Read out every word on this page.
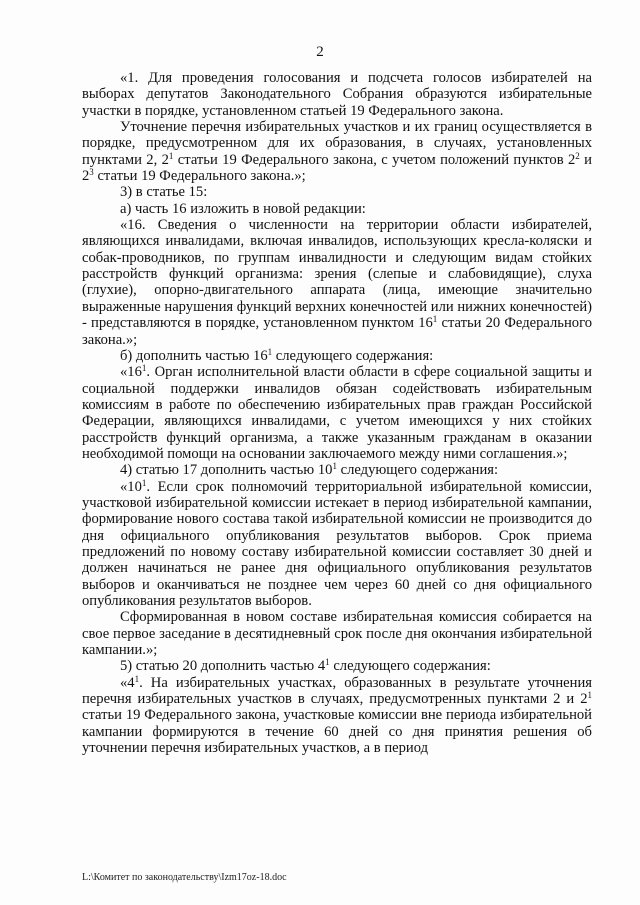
2

«1. Для проведения голосования и подсчета голосов избирателей на выборах депутатов Законодательного Собрания образуются избирательные участки в порядке, установленном статьей 19 Федерального закона.

Уточнение перечня избирательных участков и их границ осуществляется в порядке, предусмотренном для их образования, в случаях, установленных пунктами 2, $2^1$ статьи 19 Федерального закона, с учетом положений пунктов $2^2$ и $2^3$ статьи 19 Федерального закона.»;

3) в статье 15:

а) часть 16 изложить в новой редакции:

«16. Сведения о численности на территории области избирателей, являющихся инвалидами, включая инвалидов, использующих кресла-коляски и собак-проводников, по группам инвалидности и следующим видам стойких расстройств функций организма: зрения (слепые и слабовидящие), слуха (глухие), опорно-двигательного аппарата (лица, имеющие значительно выраженные нарушения функций верхних конечностей или нижних конечностей) - представляются в порядке, установленном пунктом $16^1$ статьи 20 Федерального закона.»;

б) дополнить частью $16^1$ следующего содержания:

«$16^1$. Орган исполнительной власти области в сфере социальной защиты и социальной поддержки инвалидов обязан содействовать избирательным комиссиям в работе по обеспечению избирательных прав граждан Российской Федерации, являющихся инвалидами, с учетом имеющихся у них стойких расстройств функций организма, а также указанным гражданам в оказании необходимой помощи на основании заключаемого между ними соглашения.»;

4) статью 17 дополнить частью $10^1$ следующего содержания:

«$10^1$. Если срок полномочий территориальной избирательной комиссии, участковой избирательной комиссии истекает в период избирательной кампании, формирование нового состава такой избирательной комиссии не производится до дня официального опубликования результатов выборов. Срок приема предложений по новому составу избирательной комиссии составляет 30 дней и должен начинаться не ранее дня официального опубликования результатов выборов и оканчиваться не позднее чем через 60 дней со дня официального опубликования результатов выборов.

Сформированная в новом составе избирательная комиссия собирается на свое первое заседание в десятидневный срок после дня окончания избирательной кампании.»;

5) статью 20 дополнить частью $4^1$ следующего содержания:

«$4^1$. На избирательных участках, образованных в результате уточнения перечня избирательных участков в случаях, предусмотренных пунктами 2 и $2^1$ статьи 19 Федерального закона, участковые комиссии вне периода избирательной кампании формируются в течение 60 дней со дня принятия решения об уточнении перечня избирательных участков, а в период

L:\Комитет по законодательству\Izm17oz-18.doc
